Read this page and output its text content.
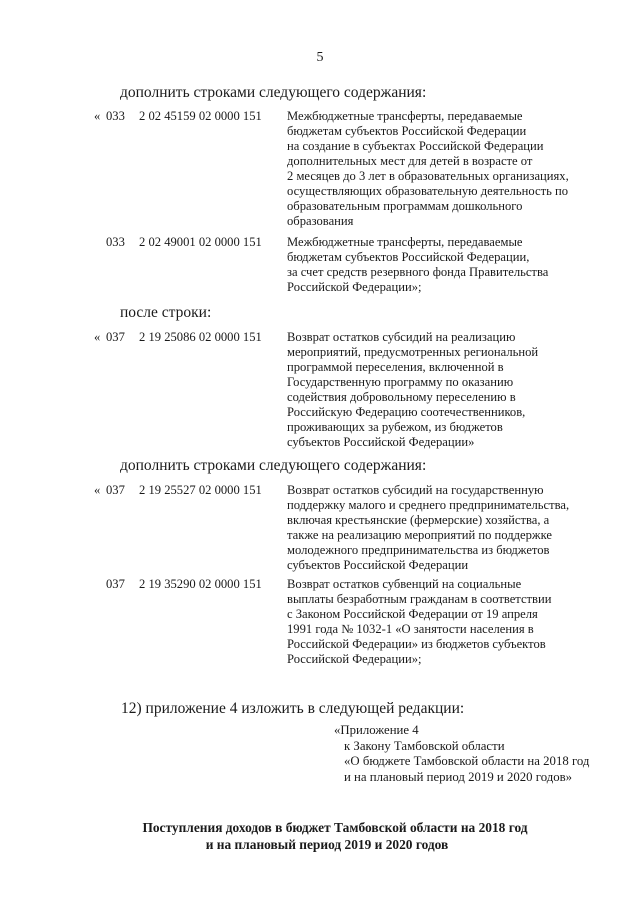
5
дополнить строками следующего содержания:
« 033 2 02 45159 02 0000 151 Межбюджетные трансферты, передаваемые
бюджетам субъектов Российской Федерации
на создание в субъектах Российской Федерации
дополнительных мест для детей в возрасте от
2 месяцев до 3 лет в образовательных организациях,
осуществляющих образовательную деятельность по
образовательным программам дошкольного
образования
033 2 02 49001 02 0000 151 Межбюджетные трансферты, передаваемые
бюджетам субъектов Российской Федерации,
за счет средств резервного фонда Правительства
Российской Федерации»;
после строки:
« 037 2 19 25086 02 0000 151 Возврат остатков субсидий на реализацию
мероприятий, предусмотренных региональной
программой переселения, включенной в
Государственную программу по оказанию
содействия добровольному переселению в
Российскую Федерацию соотечественников,
проживающих за рубежом, из бюджетов
субъектов Российской Федерации»
дополнить строками следующего содержания:
« 037 2 19 25527 02 0000 151 Возврат остатков субсидий на государственную
поддержку малого и среднего предпринимательства,
включая крестьянские (фермерские) хозяйства, а
также на реализацию мероприятий по поддержке
молодежного предпринимательства из бюджетов
субъектов Российской Федерации
037 2 19 35290 02 0000 151 Возврат остатков субвенций на социальные
выплаты безработным гражданам в соответствии
с Законом Российской Федерации от 19 апреля
1991 года № 1032-1 «О занятости населения в
Российской Федерации» из бюджетов субъектов
Российской Федерации»;
12) приложение 4 изложить в следующей редакции:
«Приложение 4
к Закону Тамбовской области
«О бюджете Тамбовской области на 2018 год
и на плановый период 2019 и 2020 годов»
Поступления доходов в бюджет Тамбовской области на 2018 год
и на плановый период 2019 и 2020 годов
